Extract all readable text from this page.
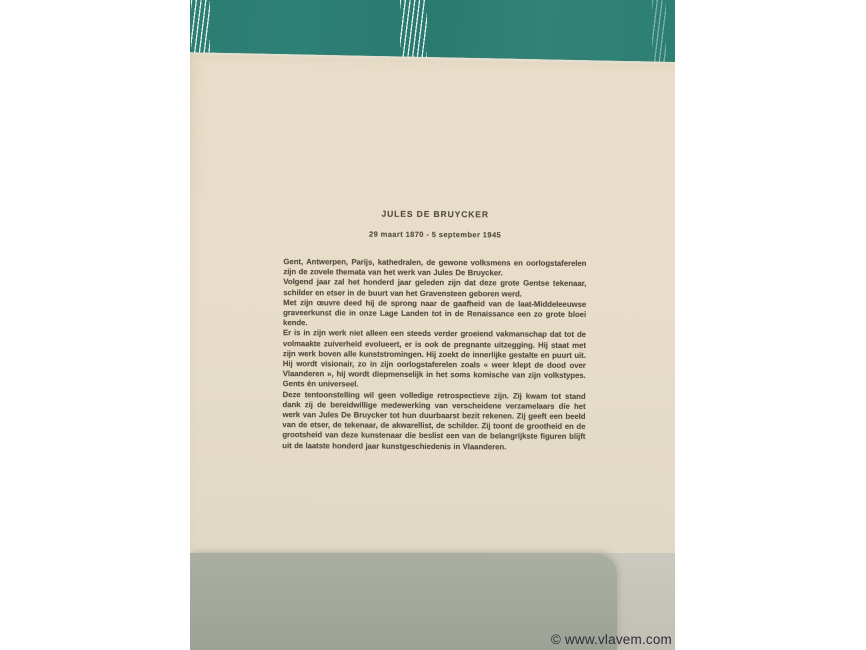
JULES DE BRUYCKER
29 maart 1870 - 5 september 1945

Gent, Antwerpen, Parijs, kathedralen, de gewone volksmens en oorlogstaferelen zijn de zovele themata van het werk van Jules De Bruycker.

Volgend jaar zal het honderd jaar geleden zijn dat deze grote Gentse tekenaar, schilder en etser in de buurt van het Gravensteen geboren werd.

Met zijn œuvre deed hij de sprong naar de gaafheid van de laat-Middeleeuwse graveerkunst die in onze Lage Landen tot in de Renaissance een zo grote bloei kende.

Er is in zijn werk niet alleen een steeds verder groeiend vakmanschap dat tot de volmaakte zuiverheid evolueert, er is ook de pregnante uitzegging. Hij staat met zijn werk boven alle kunststromingen. Hij zoekt de innerlijke gestalte en puurt uit. Hij wordt visionair, zo in zijn oorlogstaferelen zoals « weer klept de dood over Vlaanderen », hij wordt diepmenselijk in het soms komische van zijn volkstypes. Gents én universeel.

Deze tentoonstelling wil geen volledige retrospectieve zijn. Zij kwam tot stand dank zij de bereidwillige medewerking van verscheidene verzamelaars die het werk van Jules De Bruycker tot hun duurbaarst bezit rekenen. Zij geeft een beeld van de etser, de tekenaar, de akwarellist, de schilder. Zij toont de grootheid en de grootsheid van deze kunstenaar die beslist een van de belangrijkste figuren blijft uit de laatste honderd jaar kunstgeschiedenis in Vlaanderen.

© www.vlavem.com
